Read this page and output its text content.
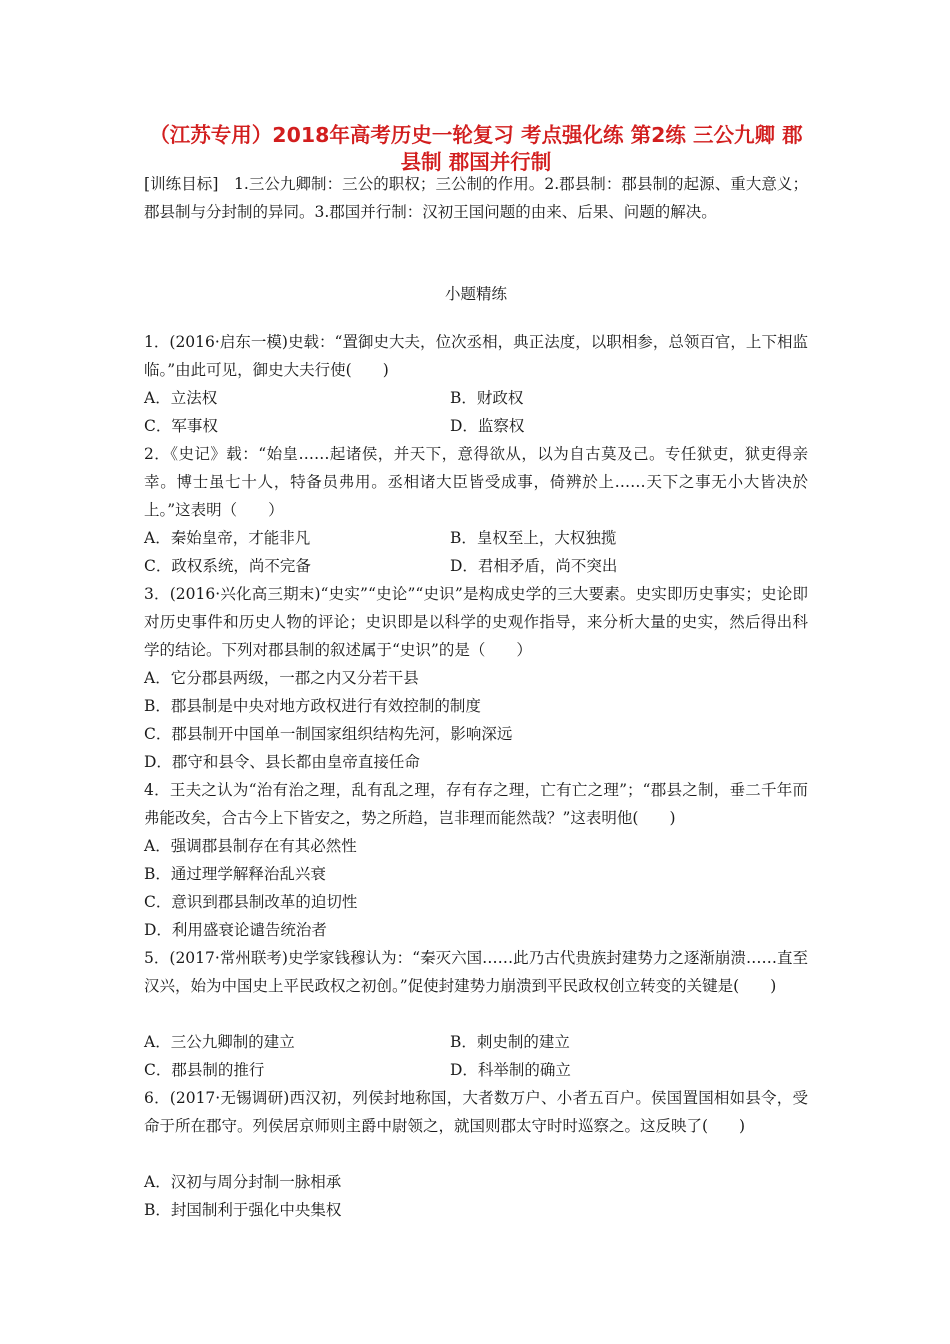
（江苏专用）2018年高考历史一轮复习 考点强化练 第2练 三公九卿 郡县制 郡国并行制
[训练目标]　1.三公九卿制：三公的职权；三公制的作用。2.郡县制：郡县制的起源、重大意义；郡县制与分封制的异同。3.郡国并行制：汉初王国问题的由来、后果、问题的解决。
小题精练
1．(2016·启东一模)史载：“置御史大夫，位次丞相，典正法度，以职相参，总领百官，上下相监临。”由此可见，御史大夫行使(　　)
A．立法权	B．财政权
C．军事权	D．监察权
2．《史记》载：“始皇……起诸侯，并天下，意得欲从，以为自古莫及己。专任狱吏，狱吏得亲幸。博士虽七十人，特备员弗用。丞相诸大臣皆受成事，倚辨於上……天下之事无小大皆决於上。”这表明（　　）
A．秦始皇帝，才能非凡	B．皇权至上，大权独揽
C．政权系统，尚不完备	D．君相矛盾，尚不突出
3．(2016·兴化高三期末)“史实”“史论”“史识”是构成史学的三大要素。史实即历史事实；史论即对历史事件和历史人物的评论；史识即是以科学的史观作指导，来分析大量的史实，然后得出科学的结论。下列对郡县制的叙述属于“史识”的是（　　）
A．它分郡县两级，一郡之内又分若干县
B．郡县制是中央对地方政权进行有效控制的制度
C．郡县制开中国单一制国家组织结构先河，影响深远
D．郡守和县令、县长都由皇帝直接任命
4．王夫之认为“治有治之理，乱有乱之理，存有存之理，亡有亡之理”；“郡县之制，垂二千年而弗能改矣，合古今上下皆安之，势之所趋，岂非理而能然哉？”这表明他(　　)
A．强调郡县制存在有其必然性
B．通过理学解释治乱兴衰
C．意识到郡县制改革的迫切性
D．利用盛衰论谴告统治者
5．(2017·常州联考)史学家钱穆认为：“秦灭六国……此乃古代贵族封建势力之逐渐崩溃……直至汉兴，始为中国史上平民政权之初创。”促使封建势力崩溃到平民政权创立转变的关键是(　　)
A．三公九卿制的建立	B．刺史制的建立
C．郡县制的推行	D．科举制的确立
6．(2017·无锡调研)西汉初，列侯封地称国，大者数万户、小者五百户。侯国置国相如县令，受命于所在郡守。列侯居京师则主爵中尉领之，就国则郡太守时时巡察之。这反映了(　　)
A．汉初与周分封制一脉相承
B．封国制利于强化中央集权
